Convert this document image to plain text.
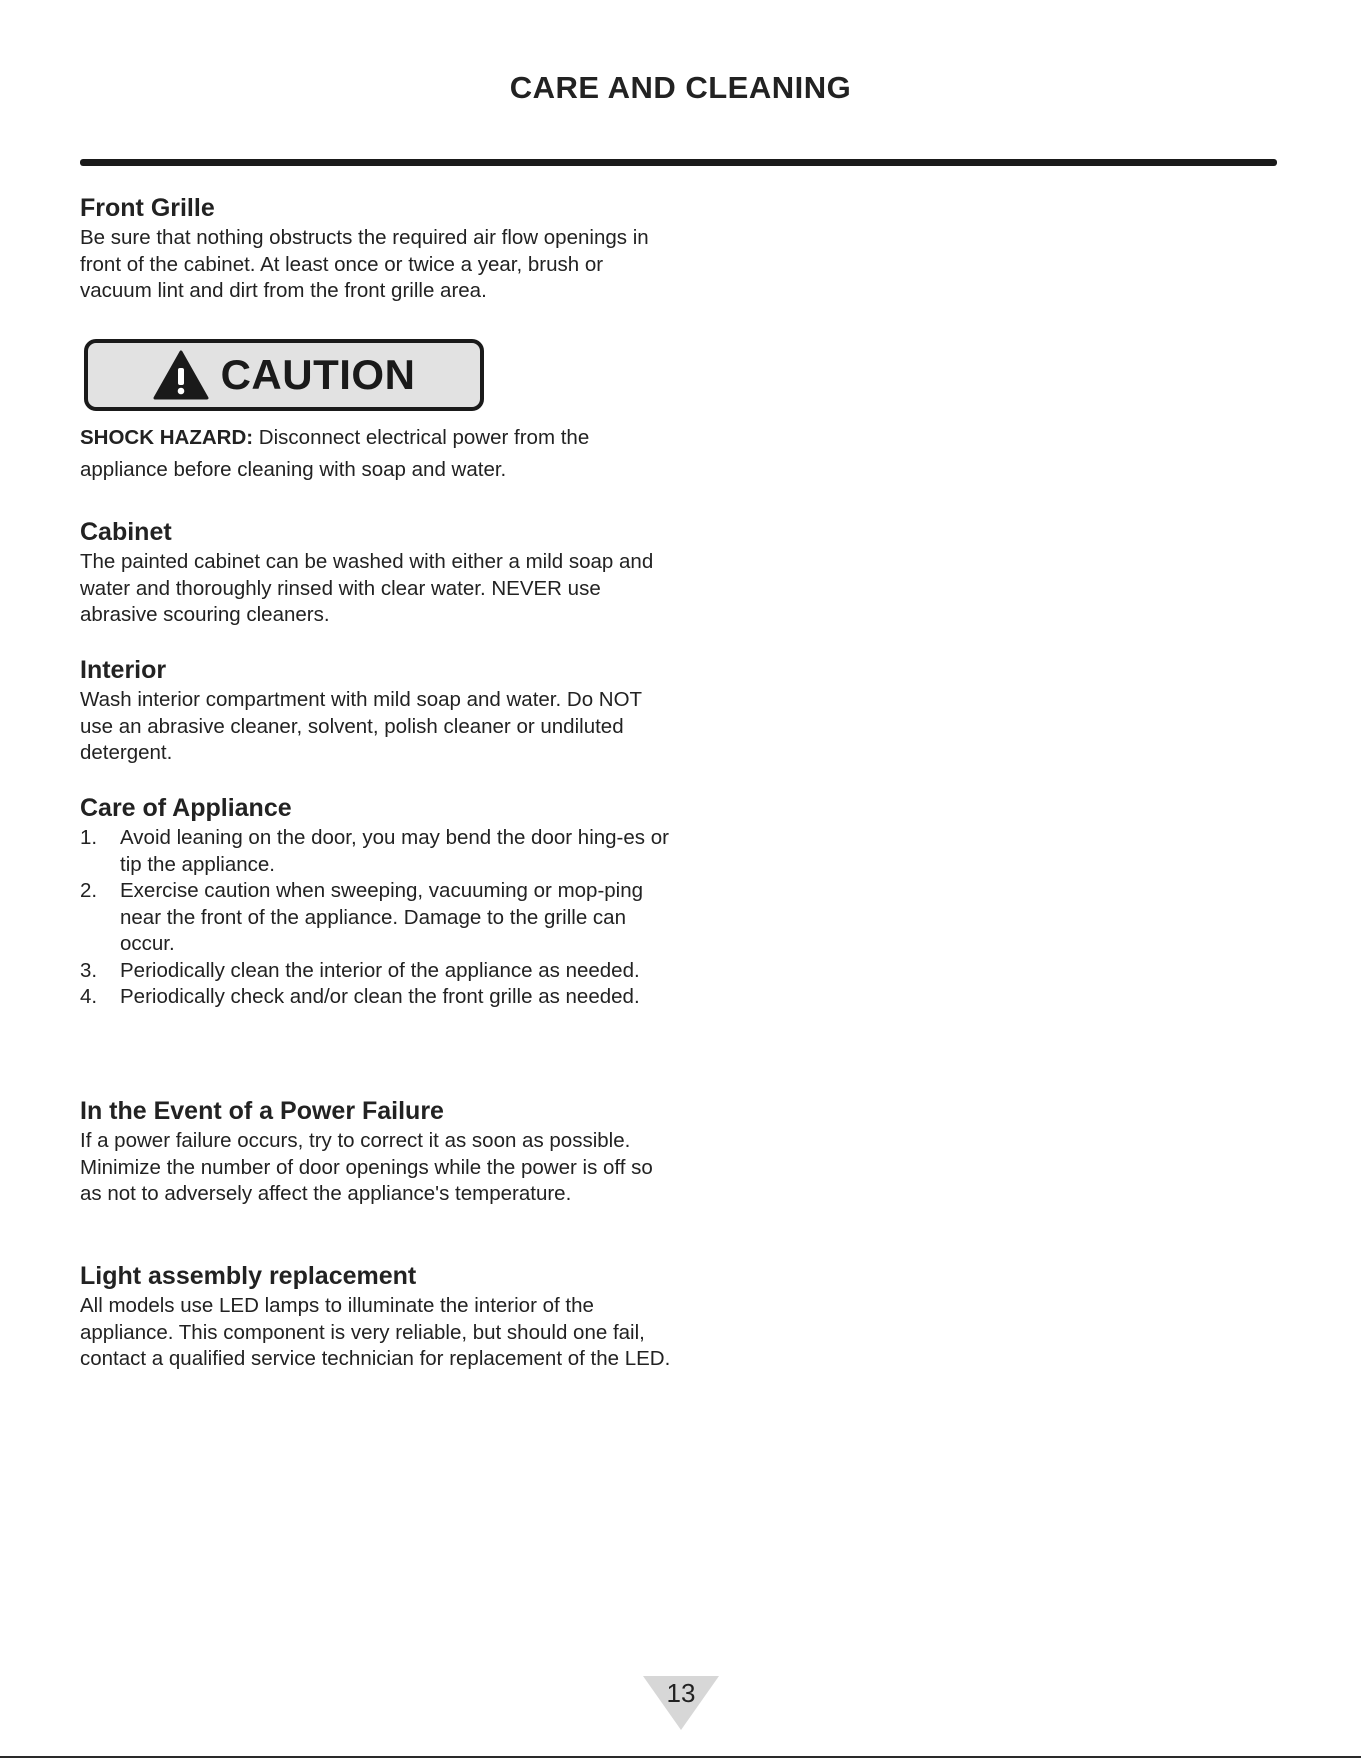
CARE AND CLEANING
Front Grille

Be sure that nothing obstructs the required air flow openings in front of the cabinet. At least once or twice a year, brush or vacuum lint and dirt from the front grille area.

CAUTION
SHOCK HAZARD: Disconnect electrical power from the appliance before cleaning with soap and water.
Cabinet

The painted cabinet can be washed with either a mild soap and water and thoroughly rinsed with clear water. NEVER use abrasive scouring cleaners.

Interior

Wash interior compartment with mild soap and water. Do NOT use an abrasive cleaner, solvent, polish cleaner or undiluted detergent.

Care of Appliance
1. Avoid leaning on the door, you may bend the door hing-es or tip the appliance.
2. Exercise caution when sweeping, vacuuming or mop-ping near the front of the appliance. Damage to the grille can occur.
3. Periodically clean the interior of the appliance as needed.
4. Periodically check and/or clean the front grille as needed.
In the Event of a Power Failure

If a power failure occurs, try to correct it as soon as possible. Minimize the number of door openings while the power is off so as not to adversely affect the appliance's temperature.

Light assembly replacement

All models use LED lamps to illuminate the interior of the appliance. This component is very reliable, but should one fail, contact a qualified service technician for replacement of the LED.

13
